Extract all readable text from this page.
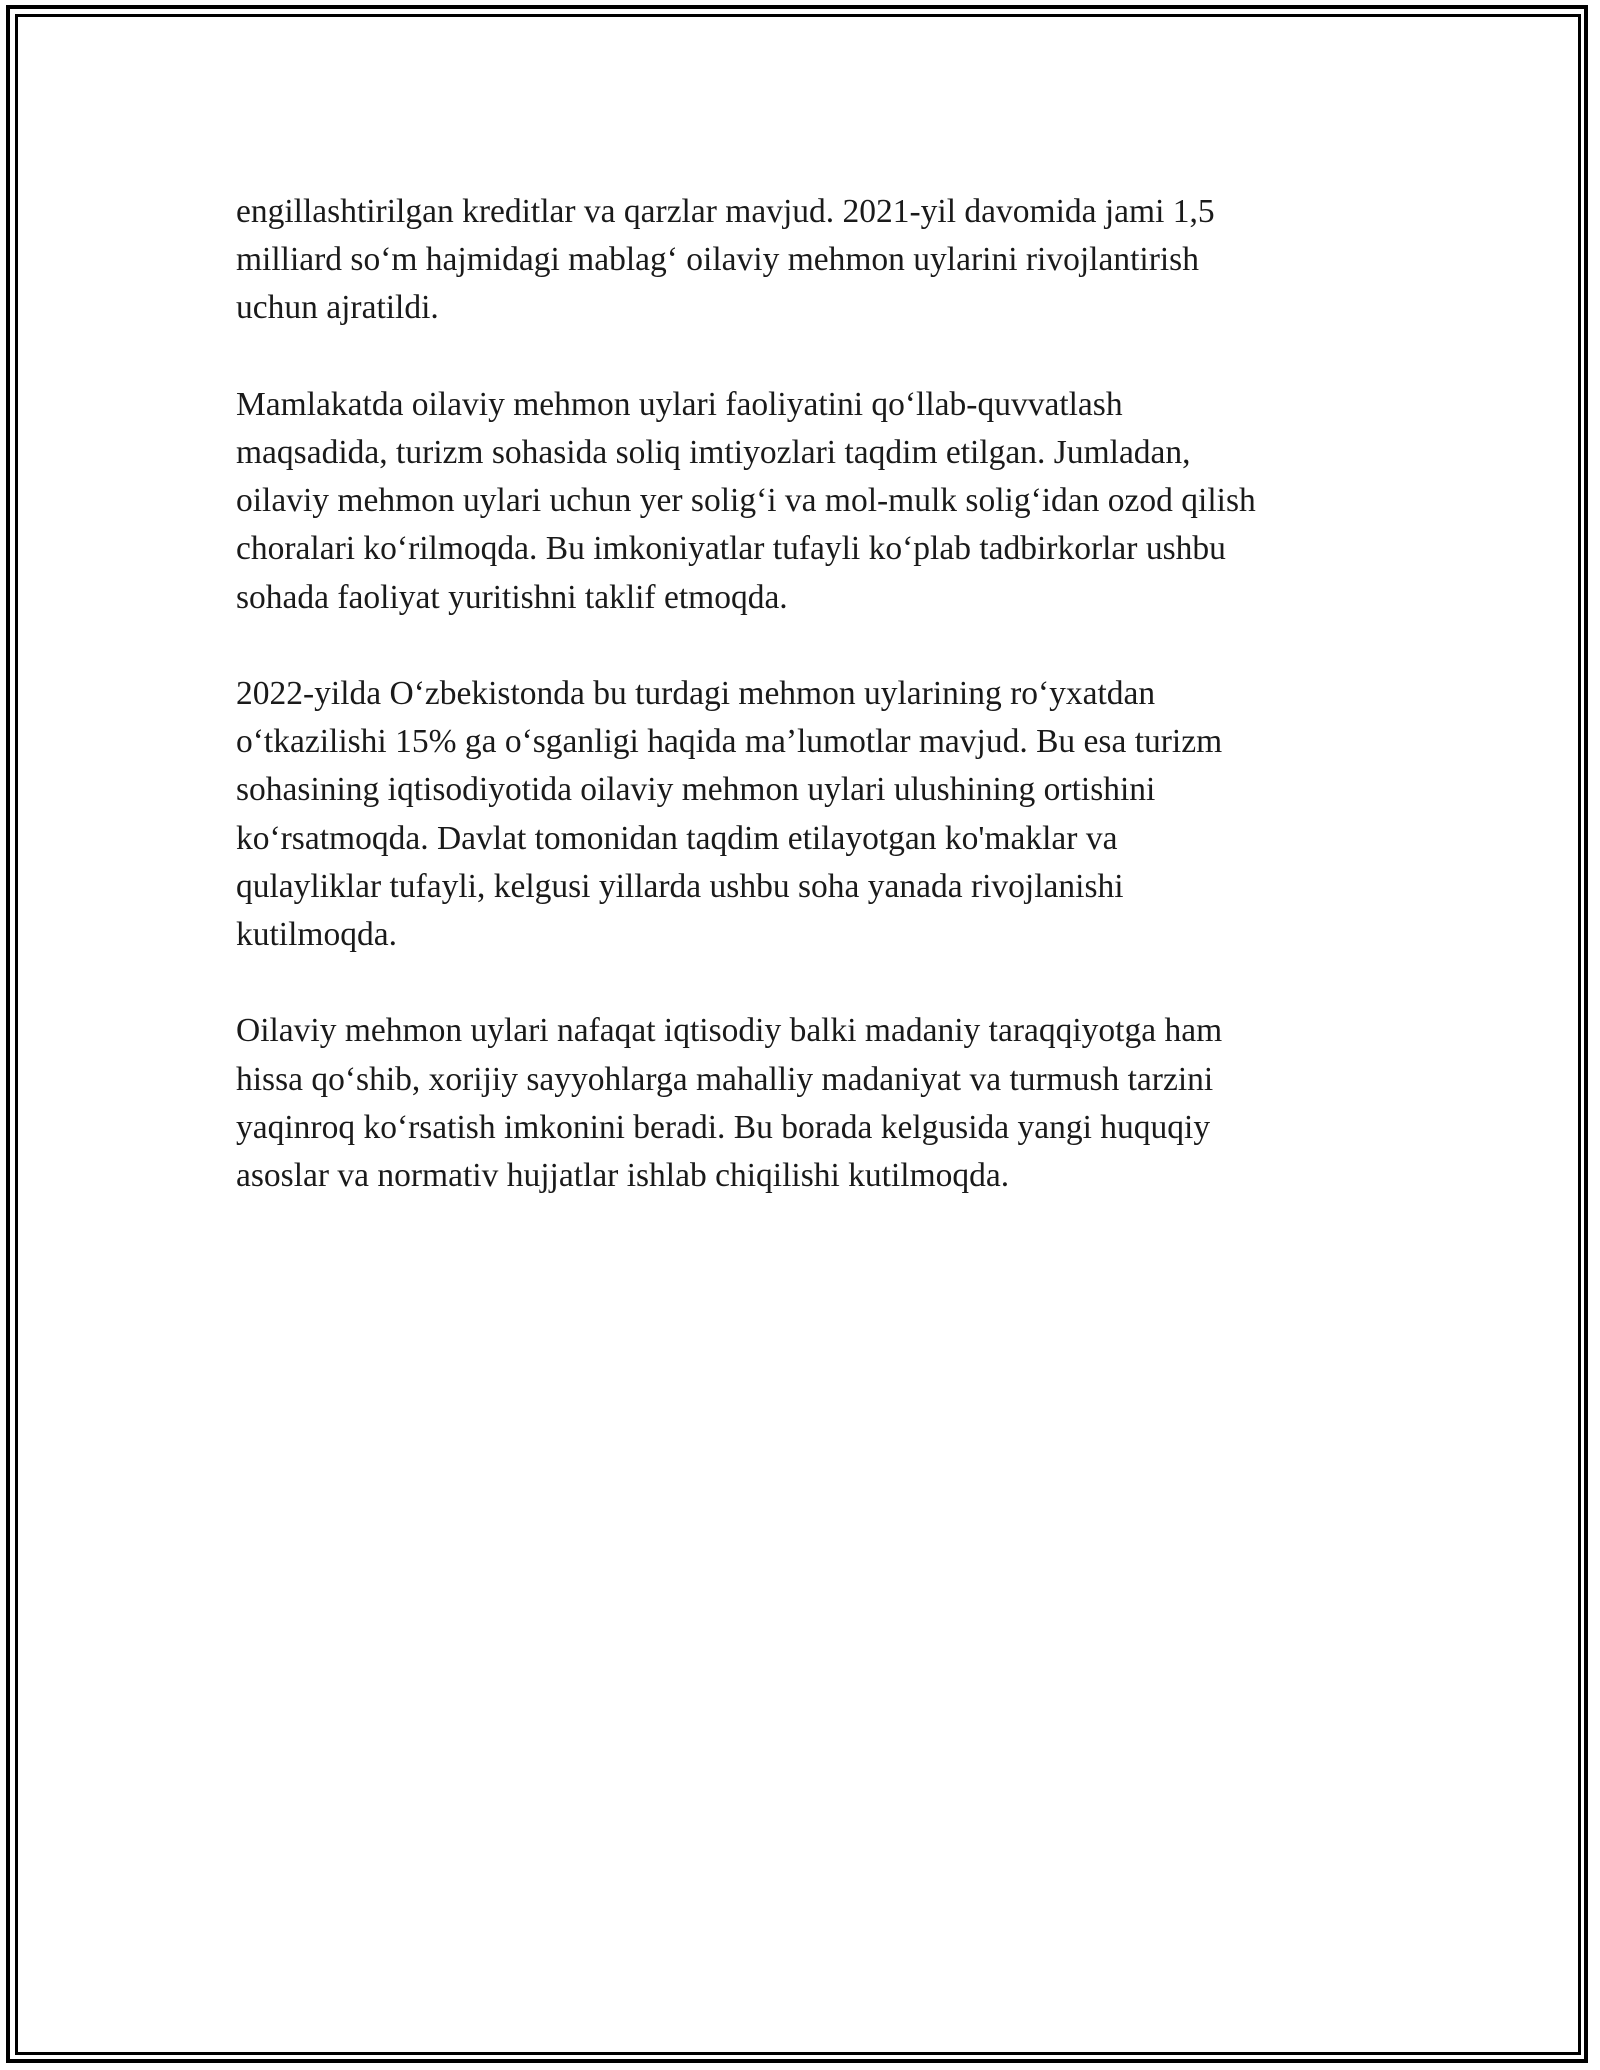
engillashtirilgan kreditlar va qarzlar mavjud. 2021-yil davomida jami 1,5
milliard so‘m hajmidagi mablag‘ oilaviy mehmon uylarini rivojlantirish
uchun ajratildi.

Mamlakatda oilaviy mehmon uylari faoliyatini qo‘llab-quvvatlash
maqsadida, turizm sohasida soliq imtiyozlari taqdim etilgan. Jumladan,
oilaviy mehmon uylari uchun yer solig‘i va mol-mulk solig‘idan ozod qilish
choralari ko‘rilmoqda. Bu imkoniyatlar tufayli ko‘plab tadbirkorlar ushbu
sohada faoliyat yuritishni taklif etmoqda.

2022-yilda O‘zbekistonda bu turdagi mehmon uylarining ro‘yxatdan
o‘tkazilishi 15% ga o‘sganligi haqida ma’lumotlar mavjud. Bu esa turizm
sohasining iqtisodiyotida oilaviy mehmon uylari ulushining ortishini
ko‘rsatmoqda. Davlat tomonidan taqdim etilayotgan ko'maklar va
qulayliklar tufayli, kelgusi yillarda ushbu soha yanada rivojlanishi
kutilmoqda.

Oilaviy mehmon uylari nafaqat iqtisodiy balki madaniy taraqqiyotga ham
hissa qo‘shib, xorijiy sayyohlarga mahalliy madaniyat va turmush tarzini
yaqinroq ko‘rsatish imkonini beradi. Bu borada kelgusida yangi huquqiy
asoslar va normativ hujjatlar ishlab chiqilishi kutilmoqda.
